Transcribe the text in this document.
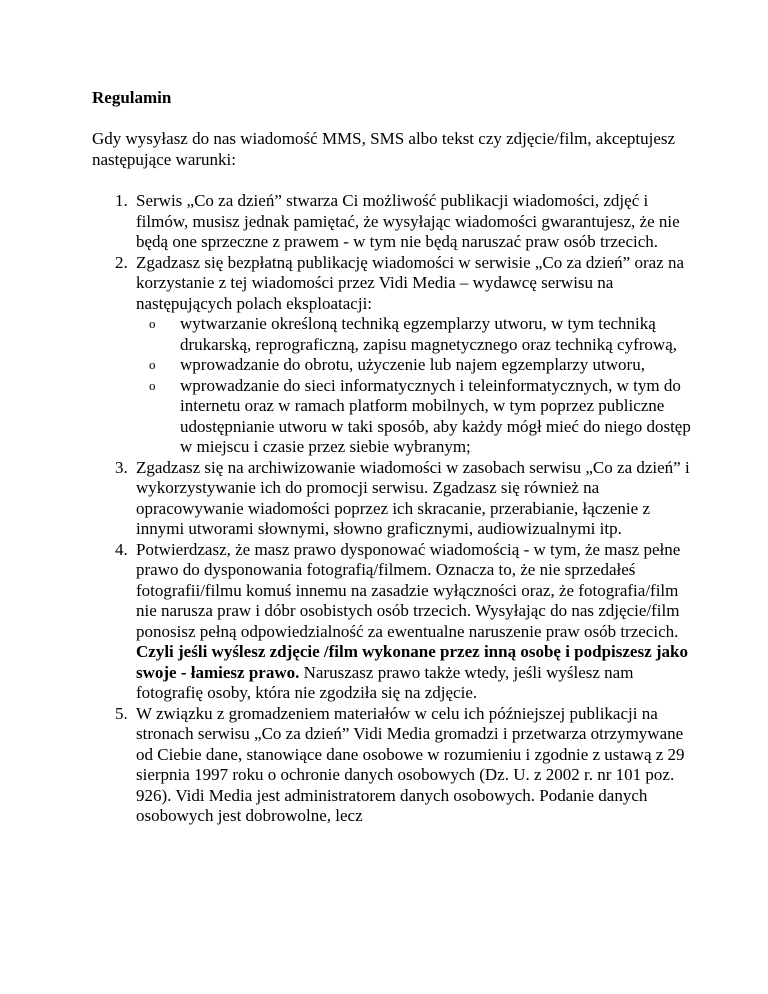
Regulamin

Gdy wysyłasz do nas wiadomość MMS, SMS albo tekst czy zdjęcie/film, akceptujesz następujące warunki:

1. Serwis „Co za dzień” stwarza Ci możliwość publikacji wiadomości, zdjęć i filmów, musisz jednak pamiętać, że wysyłając wiadomości gwarantujesz, że nie będą one sprzeczne z prawem - w tym nie będą naruszać praw osób trzecich.
2. Zgadzasz się bezpłatną publikację wiadomości w serwisie „Co za dzień” oraz na korzystanie z tej wiadomości przez Vidi Media – wydawcę serwisu na następujących polach eksploatacji:
o wytwarzanie określoną techniką egzemplarzy utworu, w tym techniką drukarską, reprograficzną, zapisu magnetycznego oraz techniką cyfrową,
o wprowadzanie do obrotu, użyczenie lub najem egzemplarzy utworu,
o wprowadzanie do sieci informatycznych i teleinformatycznych, w tym do internetu oraz w ramach platform mobilnych, w tym poprzez publiczne udostępnianie utworu w taki sposób, aby każdy mógł mieć do niego dostęp w miejscu i czasie przez siebie wybranym;
3. Zgadzasz się na archiwizowanie wiadomości w zasobach serwisu „Co za dzień” i wykorzystywanie ich do promocji serwisu. Zgadzasz się również na opracowywanie wiadomości poprzez ich skracanie, przerabianie, łączenie z innymi utworami słownymi, słowno graficznymi, audiowizualnymi itp.
4. Potwierdzasz, że masz prawo dysponować wiadomością - w tym, że masz pełne prawo do dysponowania fotografią/filmem. Oznacza to, że nie sprzedałeś fotografii/filmu komuś innemu na zasadzie wyłączności oraz, że fotografia/film nie narusza praw i dóbr osobistych osób trzecich. Wysyłając do nas zdjęcie/film ponosisz pełną odpowiedzialność za ewentualne naruszenie praw osób trzecich. Czyli jeśli wyślesz zdjęcie /film wykonane przez inną osobę i podpiszesz jako swoje - łamiesz prawo. Naruszasz prawo także wtedy, jeśli wyślesz nam fotografię osoby, która nie zgodziła się na zdjęcie.
5. W związku z gromadzeniem materiałów w celu ich późniejszej publikacji na stronach serwisu „Co za dzień” Vidi Media gromadzi i przetwarza otrzymywane od Ciebie dane, stanowiące dane osobowe w rozumieniu i zgodnie z ustawą z 29 sierpnia 1997 roku o ochronie danych osobowych (Dz. U. z 2002 r. nr 101 poz. 926). Vidi Media jest administratorem danych osobowych. Podanie danych osobowych jest dobrowolne, lecz
